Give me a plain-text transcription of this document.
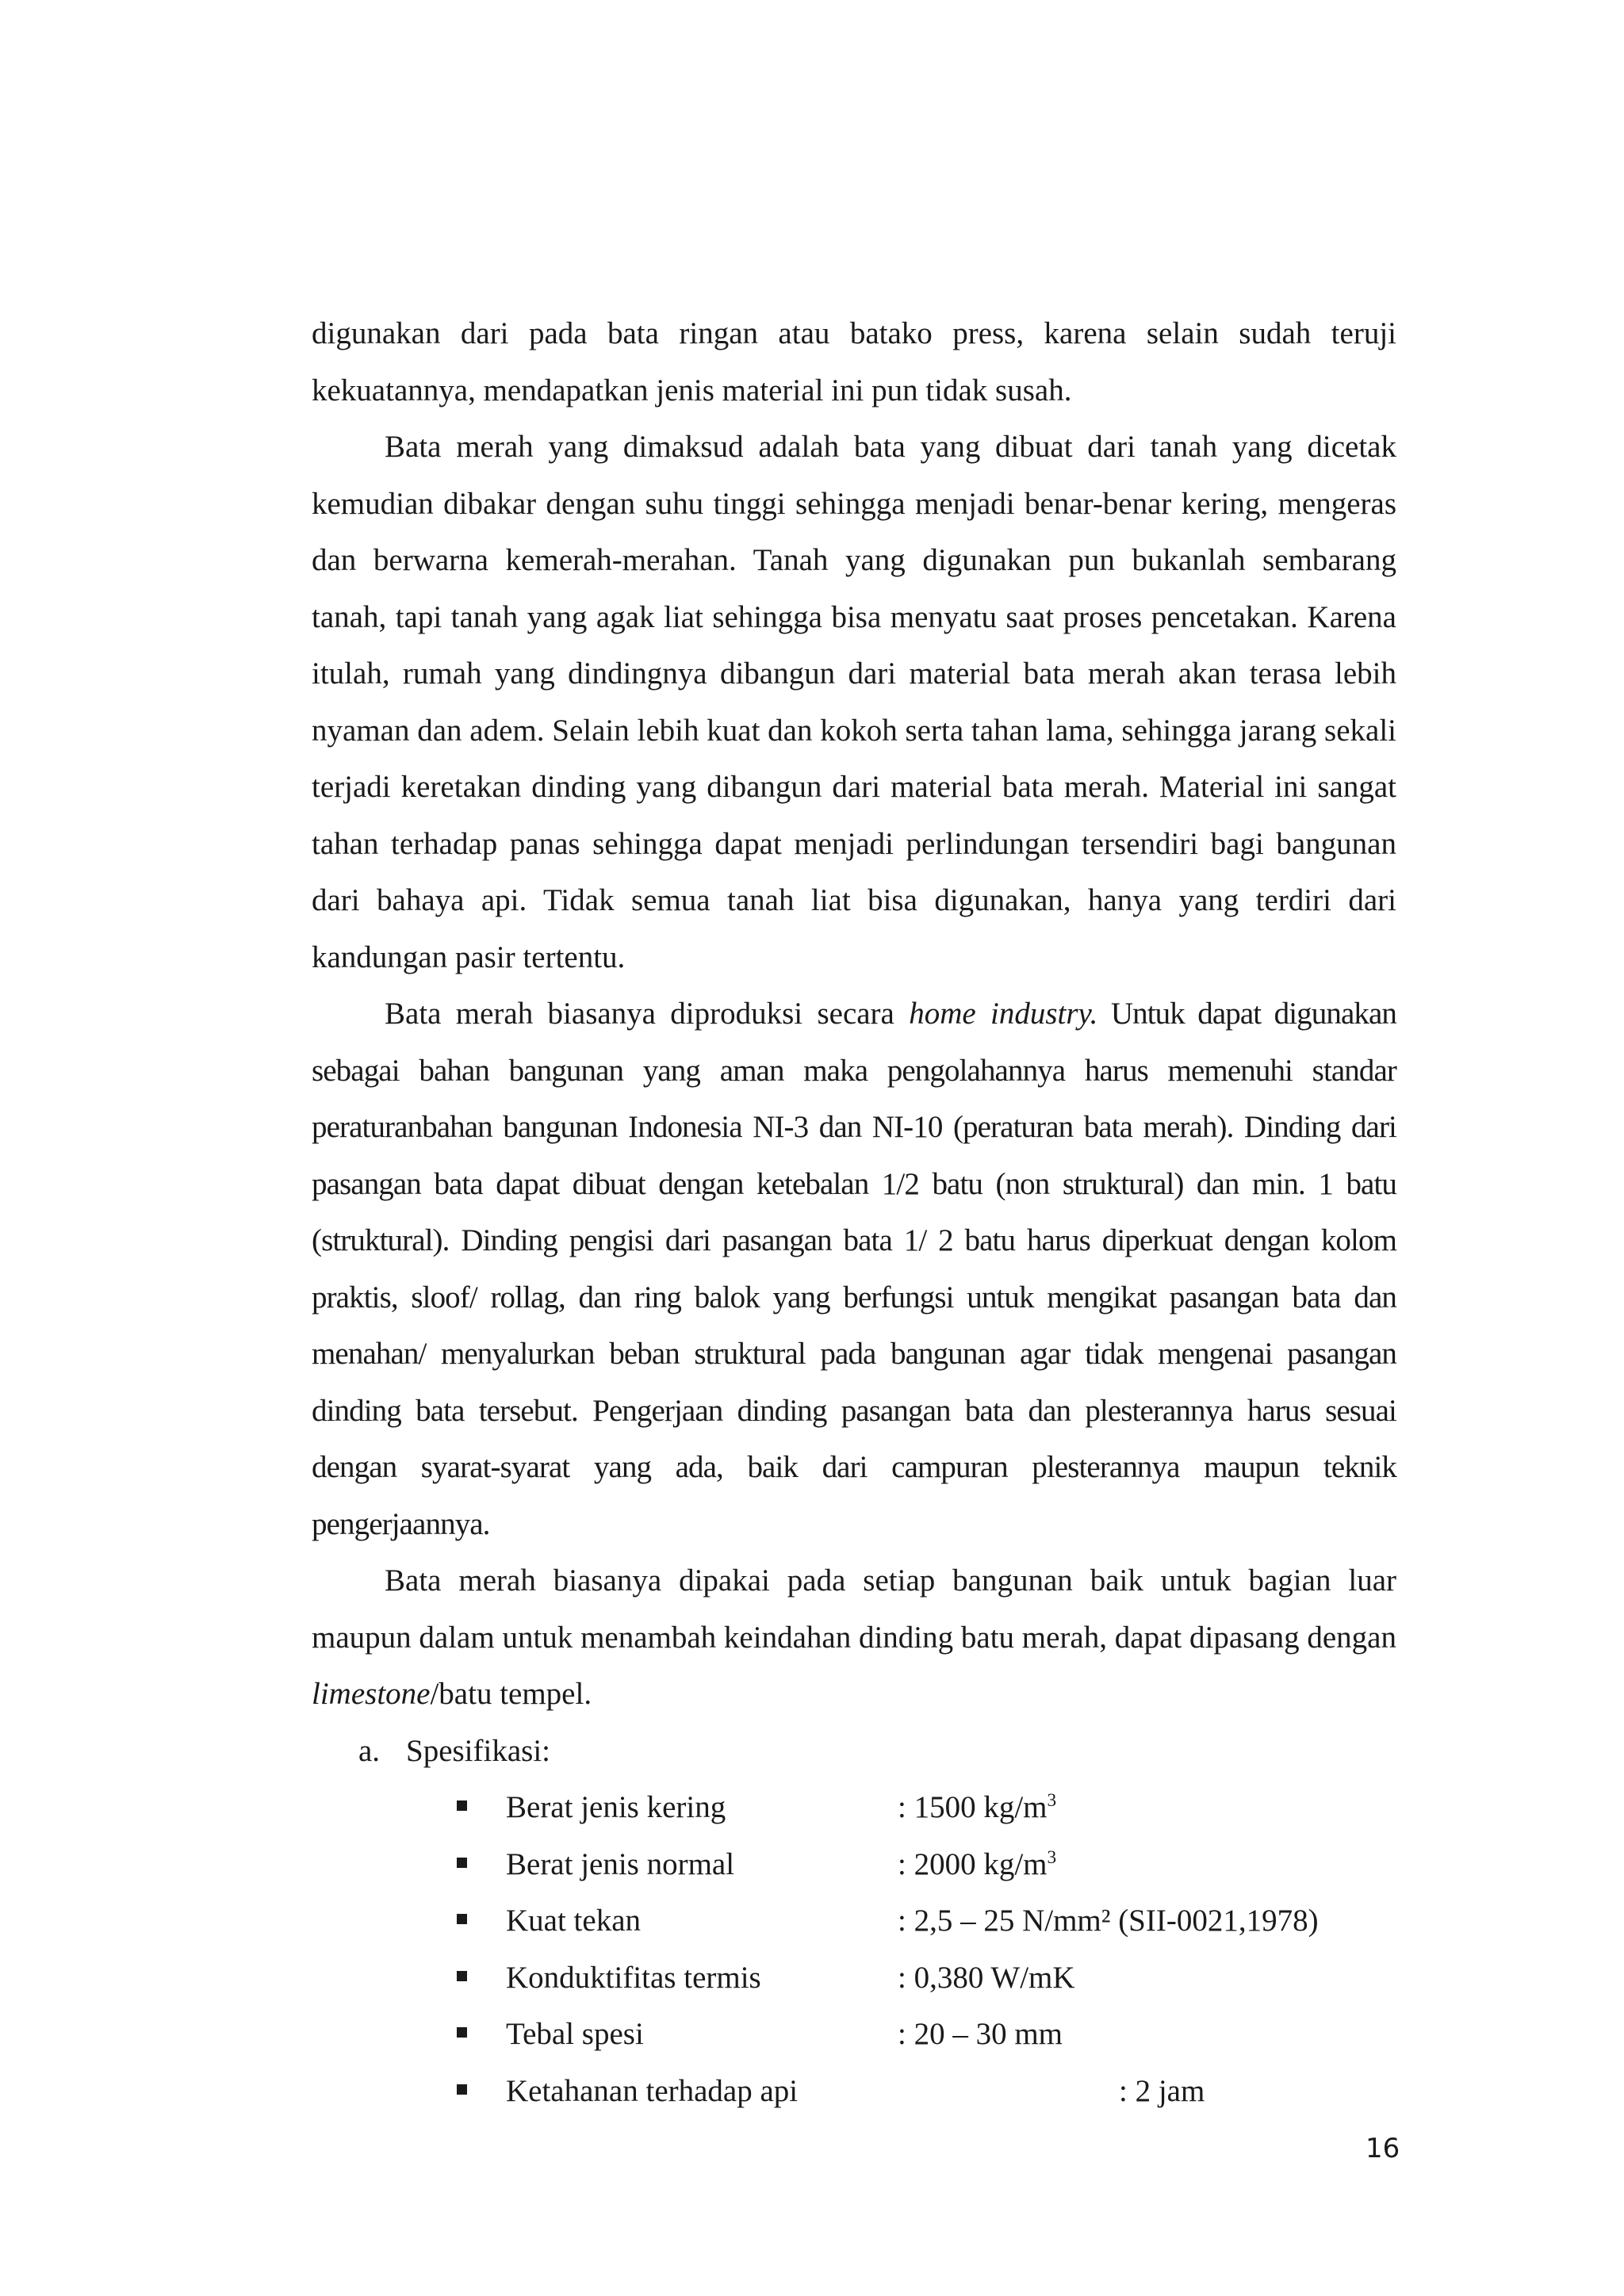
digunakan dari pada bata ringan atau batako press, karena selain sudah teruji kekuatannya, mendapatkan jenis material ini pun tidak susah.

Bata merah yang dimaksud adalah bata yang dibuat dari tanah yang dicetak kemudian dibakar dengan suhu tinggi sehingga menjadi benar-benar kering, mengeras dan berwarna kemerah-merahan. Tanah yang digunakan pun bukanlah sembarang tanah, tapi tanah yang agak liat sehingga bisa menyatu saat proses pencetakan. Karena itulah, rumah yang dindingnya dibangun dari material bata merah akan terasa lebih nyaman dan adem. Selain lebih kuat dan kokoh serta tahan lama, sehingga jarang sekali terjadi keretakan dinding yang dibangun dari material bata merah. Material ini sangat tahan terhadap panas sehingga dapat menjadi perlindungan tersendiri bagi bangunan dari bahaya api. Tidak semua tanah liat bisa digunakan, hanya yang terdiri dari kandungan pasir tertentu.

Bata merah biasanya diproduksi secara home industry. Untuk dapat digunakan sebagai bahan bangunan yang aman maka pengolahannya harus memenuhi standar peraturanbahan bangunan Indonesia NI-3 dan NI-10 (peraturan bata merah). Dinding dari pasangan bata dapat dibuat dengan ketebalan 1/2 batu (non struktural) dan min. 1 batu (struktural). Dinding pengisi dari pasangan bata 1/ 2 batu harus diperkuat dengan kolom praktis, sloof/ rollag, dan ring balok yang berfungsi untuk mengikat pasangan bata dan menahan/ menyalurkan beban struktural pada bangunan agar tidak mengenai pasangan dinding bata tersebut. Pengerjaan dinding pasangan bata dan plesterannya harus sesuai dengan syarat-syarat yang ada, baik dari campuran plesterannya maupun teknik pengerjaannya.

Bata merah biasanya dipakai pada setiap bangunan baik untuk bagian luar maupun dalam untuk menambah keindahan dinding batu merah, dapat dipasang dengan limestone/batu tempel.

a. Spesifikasi:

Berat jenis kering	: 1500 $kg/m^3$
Berat jenis normal	: 2000 $kg/m^3$
Kuat tekan	: 2,5 – 25 N/mm² (SII-0021,1978)
Konduktifitas termis	: 0,380 W/mK
Tebal spesi	: 20 – 30 mm
Ketahanan terhadap api	: 2 jam
16
